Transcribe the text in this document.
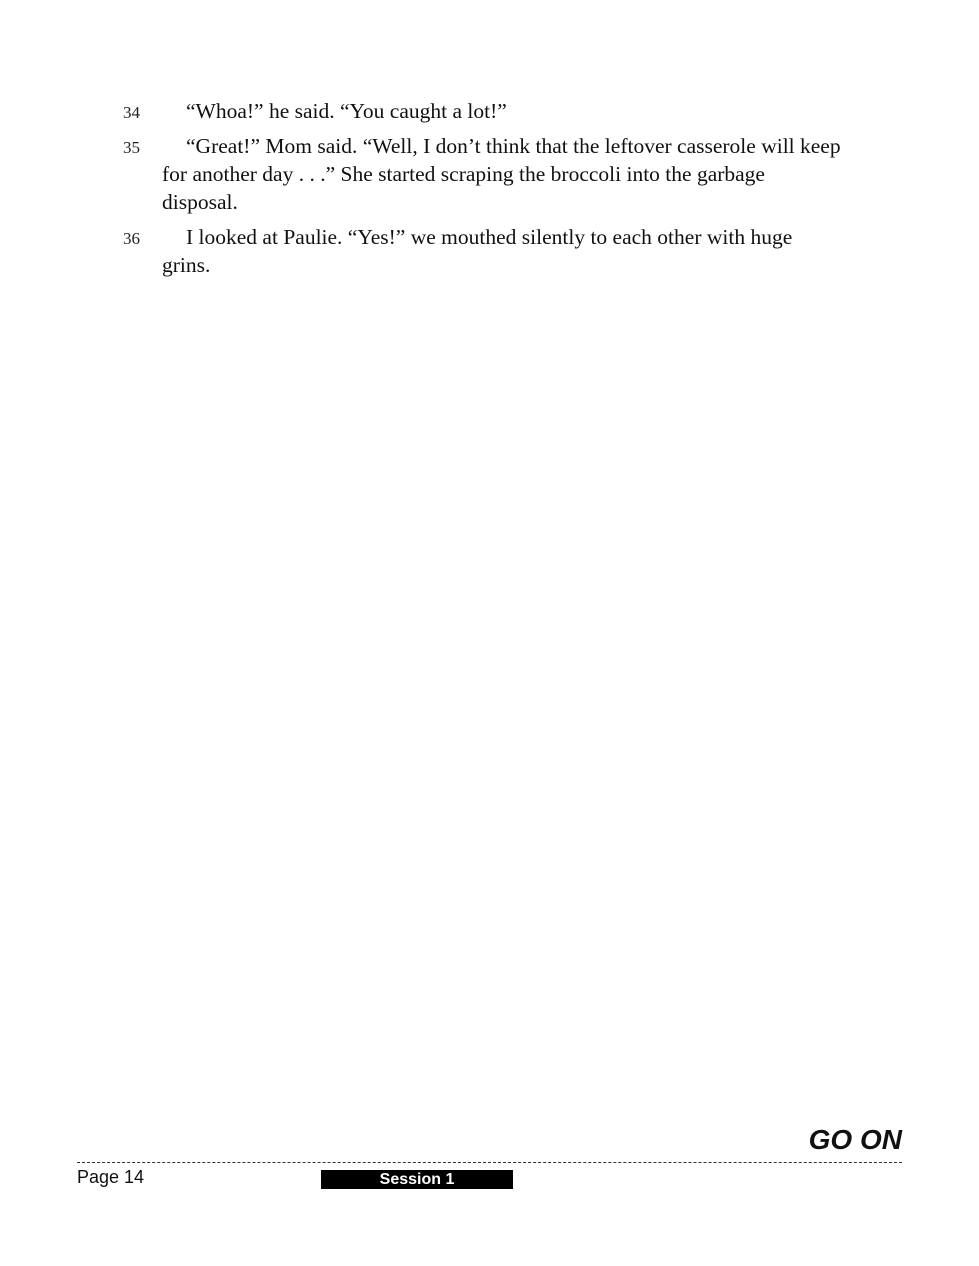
34	“Whoa!” he said. “You caught a lot!”
35	“Great!” Mom said. “Well, I don’t think that the leftover casserole will keep for another day . . .” She started scraping the broccoli into the garbage disposal.
36	I looked at Paulie. “Yes!” we mouthed silently to each other with huge grins.
GO ON
Page 14	Session 1
